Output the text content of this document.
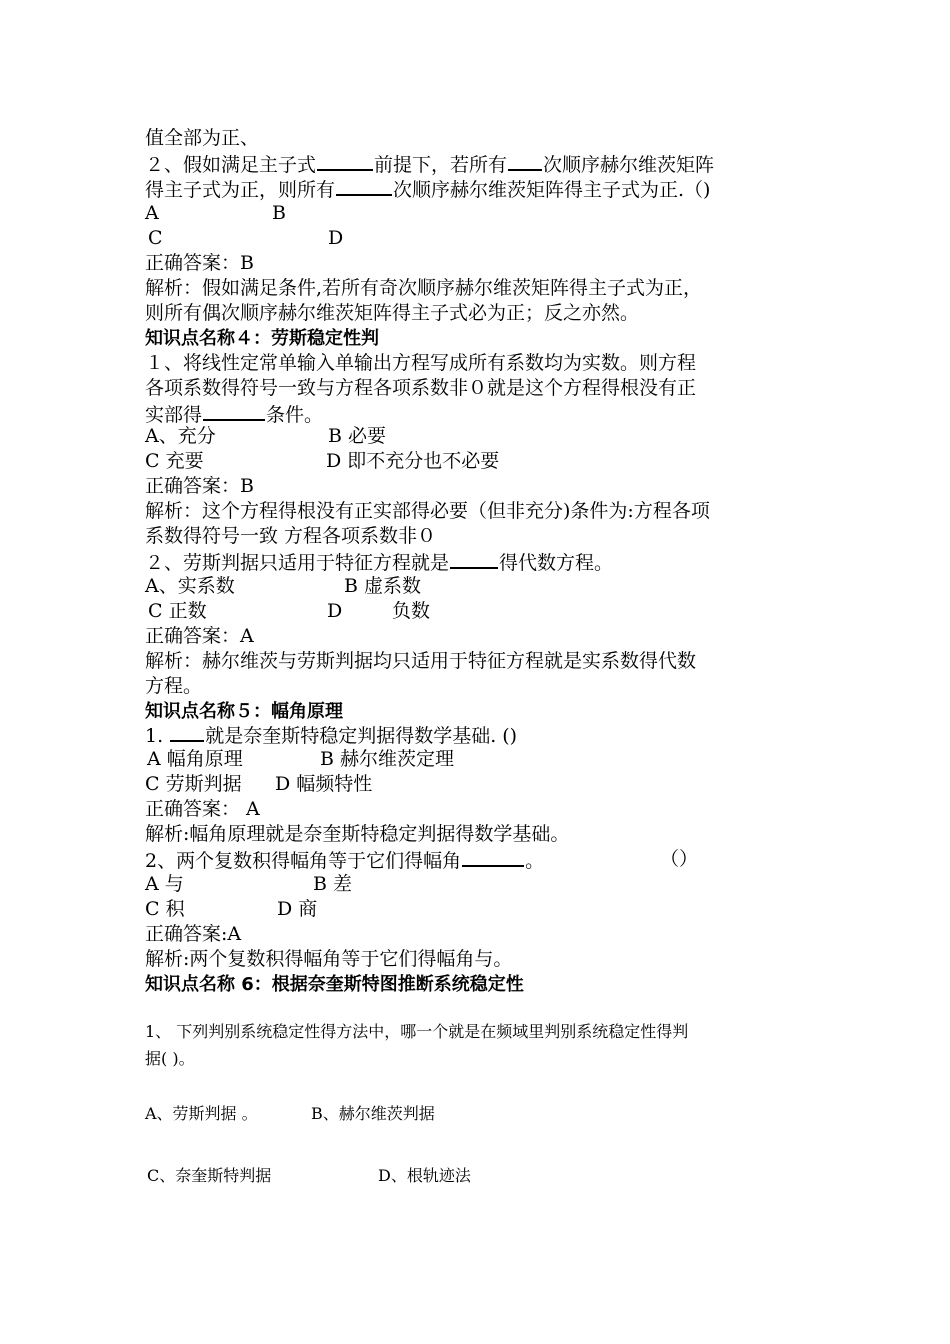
值全部为正、
２、假如满足主子式	前提下，若所有 次顺序赫尔维茨矩阵
得主子式为正，则所有	次顺序赫尔维茨矩阵得主子式为正.（)
A	B
C	D
正确答案：B
解析：假如满足条件,若所有奇次顺序赫尔维茨矩阵得主子式为正，
则所有偶次顺序赫尔维茨矩阵得主子式必为正；反之亦然。
知识点名称４：劳斯稳定性判
１、将线性定常单输入单输出方程写成所有系数均为实数。则方程
各项系数得符号一致与方程各项系数非０就是这个方程得根没有正
实部得	条件。
A、充分	B 必要
C 充要	D 即不充分也不必要
正确答案：B
解析：这个方程得根没有正实部得必要（但非充分)条件为:方程各项
系数得符号一致 方程各项系数非０
２、劳斯判据只适用于特征方程就是	得代数方程。
A、实系数	B 虚系数
C 正数	D	负数
正确答案：A
解析：赫尔维茨与劳斯判据均只适用于特征方程就是实系数得代数
方程。
知识点名称５：幅角原理
1. 就是奈奎斯特稳定判据得数学基础. ()
A 幅角原理	B 赫尔维茨定理
C 劳斯判据 D 幅频特性
正确答案： A
解析:幅角原理就是奈奎斯特稳定判据得数学基础。
2、两个复数积得幅角等于它们得幅角	。	（）
A 与	B 差
C 积	D 商
正确答案:A
解析:两个复数积得幅角等于它们得幅角与。
知识点名称 6：根据奈奎斯特图推断系统稳定性
1、 下列判别系统稳定性得方法中，哪一个就是在频域里判别系统稳定性得判
据( )。
A、劳斯判据 。	B、赫尔维茨判据
C、奈奎斯特判据	D、根轨迹法
